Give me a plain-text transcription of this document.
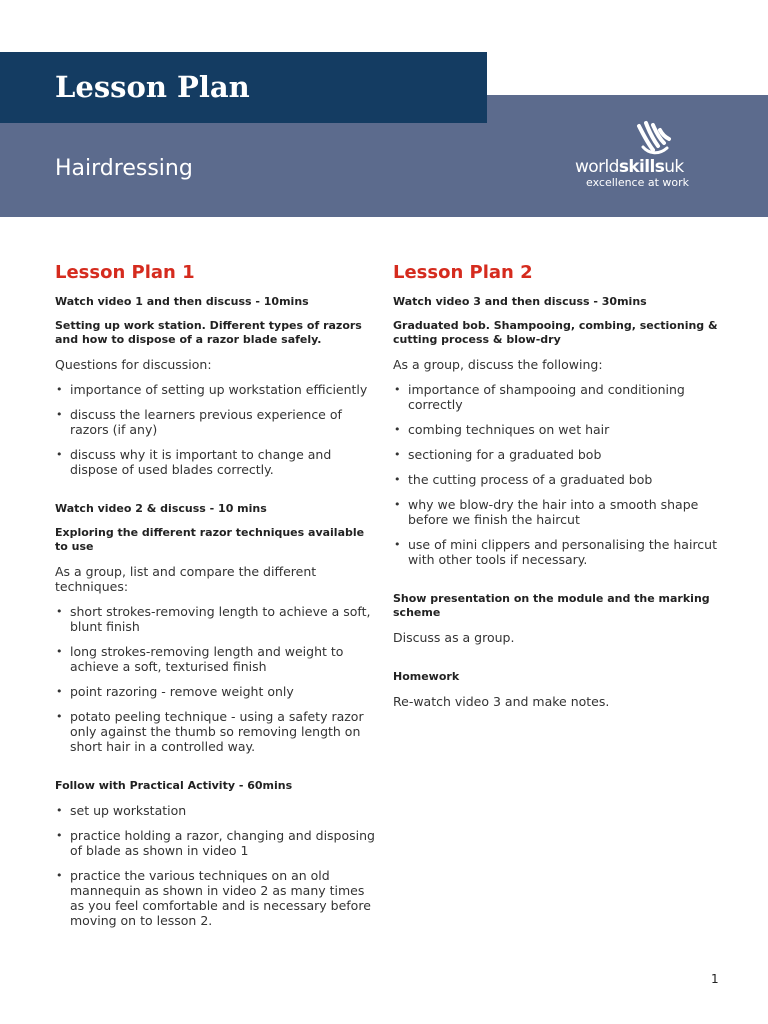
Lesson Plan
Hairdressing	worldskillsuk
excellence at work
Lesson Plan 1
Watch video 1 and then discuss - 10mins
Setting up work station. Different types of razors and how to dispose of a razor blade safely.

Questions for discussion:

• importance of setting up workstation efficiently
• discuss the learners previous experience of razors (if any)
• discuss why it is important to change and dispose of used blades correctly.
Watch video 2 & discuss - 10 mins
Exploring the different razor techniques available to use

As a group, list and compare the different techniques:

• short strokes-removing length to achieve a soft, blunt finish
• long strokes-removing length and weight to achieve a soft, texturised finish
• point razoring - remove weight only
• potato peeling technique - using a safety razor only against the thumb so removing length on short hair in a controlled way.
Follow with Practical Activity - 60mins
• set up workstation
• practice holding a razor, changing and disposing of blade as shown in video 1
• practice the various techniques on an old mannequin as shown in video 2 as many times as you feel comfortable and is necessary before moving on to lesson 2.
Lesson Plan 2
Watch video 3 and then discuss - 30mins
Graduated bob. Shampooing, combing, sectioning & cutting process & blow-dry

As a group, discuss the following:

• importance of shampooing and conditioning correctly
• combing techniques on wet hair
• sectioning for a graduated bob
• the cutting process of a graduated bob
• why we blow-dry the hair into a smooth shape before we finish the haircut
• use of mini clippers and personalising the haircut with other tools if necessary.
Show presentation on the module and the marking scheme

Discuss as a group.

Homework

Re-watch video 3 and make notes.

1
